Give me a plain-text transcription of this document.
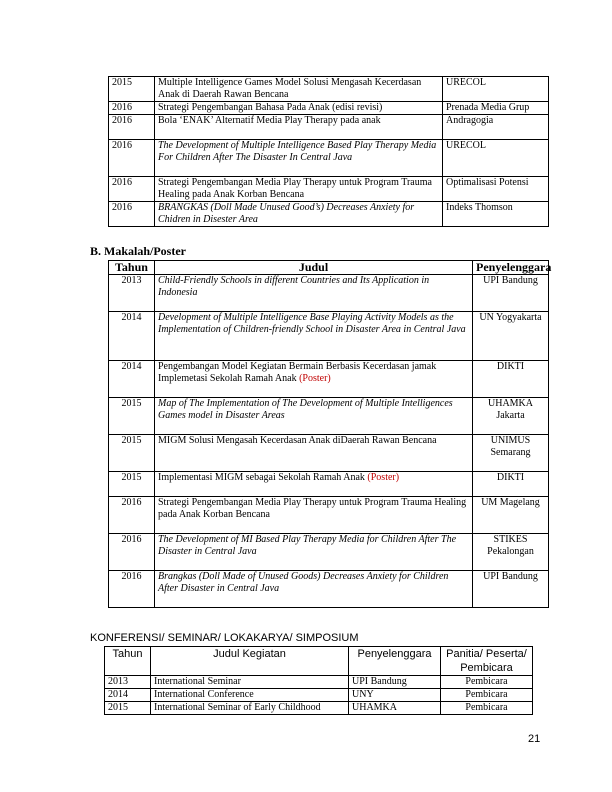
2015	Multiple Intelligence Games Model Solusi Mengasah Kecerdasan Anak di Daerah Rawan Bencana	URECOL
2016	Strategi Pengembangan Bahasa Pada Anak (edisi revisi)	Prenada Media Grup
2016	Bola ‘ENAK’ Alternatif Media Play Therapy pada anak	Andragogia
2016	The Development of Multiple Intelligence Based Play Therapy Media For Children After The Disaster In Central Java	URECOL
2016	Strategi Pengembangan Media Play Therapy untuk Program Trauma Healing pada Anak Korban Bencana	Optimalisasi Potensi
2016	BRANGKAS (Doll Made Unused Good’s) Decreases Anxiety for Chidren in Disester Area	Indeks Thomson
B. Makalah/Poster
Tahun	Judul	Penyelenggara
2013	Child-Friendly Schools in different Countries and Its Application in Indonesia	UPI Bandung
2014	Development of Multiple Intelligence Base Playing Activity Models as the Implementation of Children-friendly School in Disaster Area in Central Java	UN Yogyakarta
2014	Pengembangan Model Kegiatan Bermain Berbasis Kecerdasan jamak Implemetasi Sekolah Ramah Anak (Poster)	DIKTI
2015	Map of The Implementation of The Development of Multiple Intelligences Games model in Disaster Areas	UHAMKA Jakarta
2015	MIGM Solusi Mengasah Kecerdasan Anak diDaerah Rawan Bencana	UNIMUS Semarang
2015	Implementasi MIGM sebagai Sekolah Ramah Anak (Poster)	DIKTI
2016	Strategi Pengembangan Media Play Therapy untuk Program Trauma Healing pada Anak Korban Bencana	UM Magelang
2016	The Development of MI Based Play Therapy Media for Children After The Disaster in Central Java	STIKES Pekalongan
2016	Brangkas (Doll Made of Unused Goods) Decreases Anxiety for Children After Disaster in Central Java	UPI Bandung
KONFERENSI/ SEMINAR/ LOKAKARYA/ SIMPOSIUM
Tahun	Judul Kegiatan	Penyelenggara	Panitia/ Peserta/ Pembicara
2013	International Seminar	UPI Bandung	Pembicara
2014	International Conference	UNY	Pembicara
2015	International Seminar of Early Childhood	UHAMKA	Pembicara
21
